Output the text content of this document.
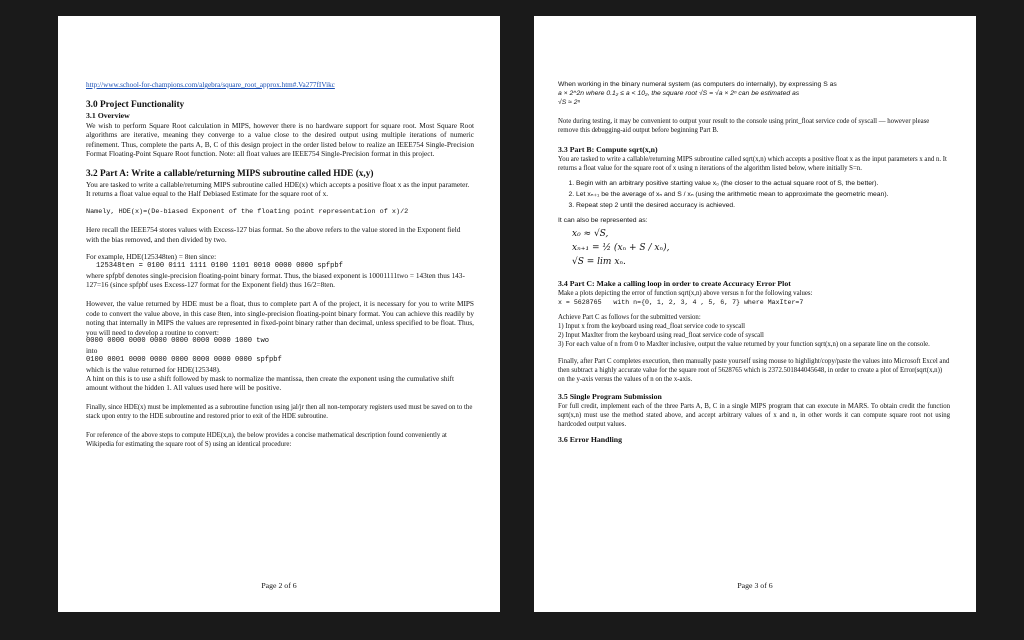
http://www.school-for-champions.com/algebra/square_root_approx.htm#.Va277fIVikc

3.0 Project Functionality

3.1 Overview

We wish to perform Square Root calculation in MIPS, however there is no hardware support for square root. Most Square Root algorithms are iterative, meaning they converge to a value close to the desired output using multiple iterations of numeric refinement. Thus, complete the parts A, B, C of this design project in the order listed below to realize an IEEE754 Single-Precision Format Floating-Point Square Root function. Note: all float values are IEEE754 Single-Precision format in this project.

3.2 Part A: Write a callable/returning MIPS subroutine called HDE (x,y)

You are tasked to write a callable/returning MIPS subroutine called HDE(x) which accepts a positive float x as the input parameter. It returns a float value equal to the Half Debiased Estimate for the square root of x.

Namely, HDE(x)=(De-biased Exponent of the floating point representation of x)/2

Here recall the IEEE754 stores values with Excess-127 bias format. So the above refers to the value stored in the Exponent field with the bias removed, and then divided by two.

For example, HDE(125348ten) = 8ten since:

125348ten = 0100 0111 1111 0100 1101 0010 0000 0000 spfpbf

where spfpbf denotes single-precision floating-point binary format. Thus, the biased exponent is 10001111two = 143ten thus 143-127=16 (since spfpbf uses Excess-127 format for the Exponent field) thus 16/2=8ten.

However, the value returned by HDE must be a float, thus to complete part A of the project, it is necessary for you to write MIPS code to convert the value above, in this case 8ten, into single-precision floating-point binary format. You can achieve this readily by noting that internally in MIPS the values are represented in fixed-point binary rather than decimal, unless specified to be float. Thus, you will need to develop a routine to convert:

0000 0000 0000 0000 0000 0000 0000 1000 two

into

0100 0001 0000 0000 0000 0000 0000 0000 spfpbf

which is the value returned for HDE(125348).

A hint on this is to use a shift followed by mask to normalize the mantissa, then create the exponent using the cumulative shift amount without the hidden 1. All values used here will be positive.

Finally, since HDE(x) must be implemented as a subroutine function using jal/jr then all non-temporary registers used must be saved on to the stack upon entry to the HDE subroutine and restored prior to exit of the HDE subroutine.

For reference of the above steps to compute HDE(x,n), the below provides a concise mathematical description found conveniently at Wikipedia for estimating the square root of S) using an identical procedure:

Page 2 of 6

When working in the binary numeral system (as computers do internally), by expressing S as

a × 2^2n where 0.1₂ ≤ a < 10₂, the square root √S = √a × 2ⁿ can be estimated as

√S ≈ 2ⁿ

Note during testing, it may be convenient to output your result to the console using print_float service code of syscall — however please remove this debugging-aid output before beginning Part B.

3.3 Part B: Compute sqrt(x,n)

You are tasked to write a callable/returning MIPS subroutine called sqrt(x,n) which accepts a positive float x as the input parameters x and n. It returns a float value for the square root of x using n iterations of the algorithm listed below, where initially S=n.

1. Begin with an arbitrary positive starting value x₀ (the closer to the actual square root of S, the better).
2. Let xₙ₊₁ be the average of xₙ and S / xₙ (using the arithmetic mean to approximate the geometric mean).
3. Repeat step 2 until the desired accuracy is achieved.

It can also be represented as:

x₀ ≈ √S,

xₙ₊₁ = ½ (xₙ + S / xₙ),

√S = lim xₙ.

3.4 Part C: Make a calling loop in order to create Accuracy Error Plot

Make a plots depicting the error of function sqrt(x,n) above versus n for the following values:

x = 5628765   with n={0, 1, 2, 3, 4 , 5, 6, 7} where MaxIter=7

Achieve Part C as follows for the submitted version:

1) Input x from the keyboard using read_float service code to syscall

2) Input MaxIter from the keyboard using read_float service code of syscall

3) For each value of n from 0 to MaxIter inclusive, output the value returned by your function sqrt(x,n) on a separate line on the console.

Finally, after Part C completes execution, then manually paste yourself using mouse to highlight/copy/paste the values into Microsoft Excel and then subtract a highly accurate value for the square root of 5628765 which is 2372.501844045648, in order to create a plot of Error(sqrt(x,n)) on the y-axis versus the values of n on the x-axis.

3.5 Single Program Submission

For full credit, implement each of the three Parts A, B, C in a single MIPS program that can execute in MARS. To obtain credit the function sqrt(x,n) must use the method stated above, and accept arbitrary values of x and n, in other words it can compute square root not using hardcoded output values.

3.6 Error Handling

Page 3 of 6
